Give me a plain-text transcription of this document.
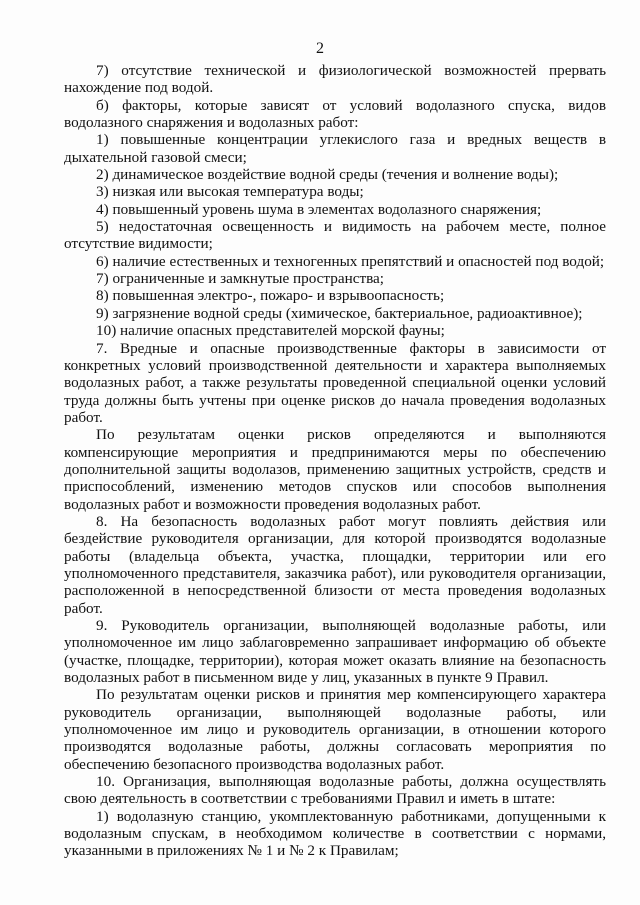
2

7) отсутствие технической и физиологической возможностей прервать нахождение под водой.

б) факторы, которые зависят от условий водолазного спуска, видов водолазного снаряжения и водолазных работ:

1) повышенные концентрации углекислого газа и вредных веществ в дыхательной газовой смеси;

2) динамическое воздействие водной среды (течения и волнение воды);

3) низкая или высокая температура воды;

4) повышенный уровень шума в элементах водолазного снаряжения;

5) недостаточная освещенность и видимость на рабочем месте, полное отсутствие видимости;

6) наличие естественных и техногенных препятствий и опасностей под водой;

7) ограниченные и замкнутые пространства;

8) повышенная электро-, пожаро- и взрывоопасность;

9) загрязнение водной среды (химическое, бактериальное, радиоактивное);

10) наличие опасных представителей морской фауны;

7. Вредные и опасные производственные факторы в зависимости от конкретных условий производственной деятельности и характера выполняемых водолазных работ, а также результаты проведенной специальной оценки условий труда должны быть учтены при оценке рисков до начала проведения водолазных работ.

По результатам оценки рисков определяются и выполняются компенсирующие мероприятия и предпринимаются меры по обеспечению дополнительной защиты водолазов, применению защитных устройств, средств и приспособлений, изменению методов спусков или способов выполнения водолазных работ и возможности проведения водолазных работ.

8. На безопасность водолазных работ могут повлиять действия или бездействие руководителя организации, для которой производятся водолазные работы (владельца объекта, участка, площадки, территории или его уполномоченного представителя, заказчика работ), или руководителя организации, расположенной в непосредственной близости от места проведения водолазных работ.

9. Руководитель организации, выполняющей водолазные работы, или уполномоченное им лицо заблаговременно запрашивает информацию об объекте (участке, площадке, территории), которая может оказать влияние на безопасность водолазных работ в письменном виде у лиц, указанных в пункте 9 Правил.

По результатам оценки рисков и принятия мер компенсирующего характера руководитель организации, выполняющей водолазные работы, или уполномоченное им лицо и руководитель организации, в отношении которого производятся водолазные работы, должны согласовать мероприятия по обеспечению безопасного производства водолазных работ.

10. Организация, выполняющая водолазные работы, должна осуществлять свою деятельность в соответствии с требованиями Правил и иметь в штате:

1) водолазную станцию, укомплектованную работниками, допущенными к водолазным спускам, в необходимом количестве в соответствии с нормами, указанными в приложениях № 1 и № 2 к Правилам;
